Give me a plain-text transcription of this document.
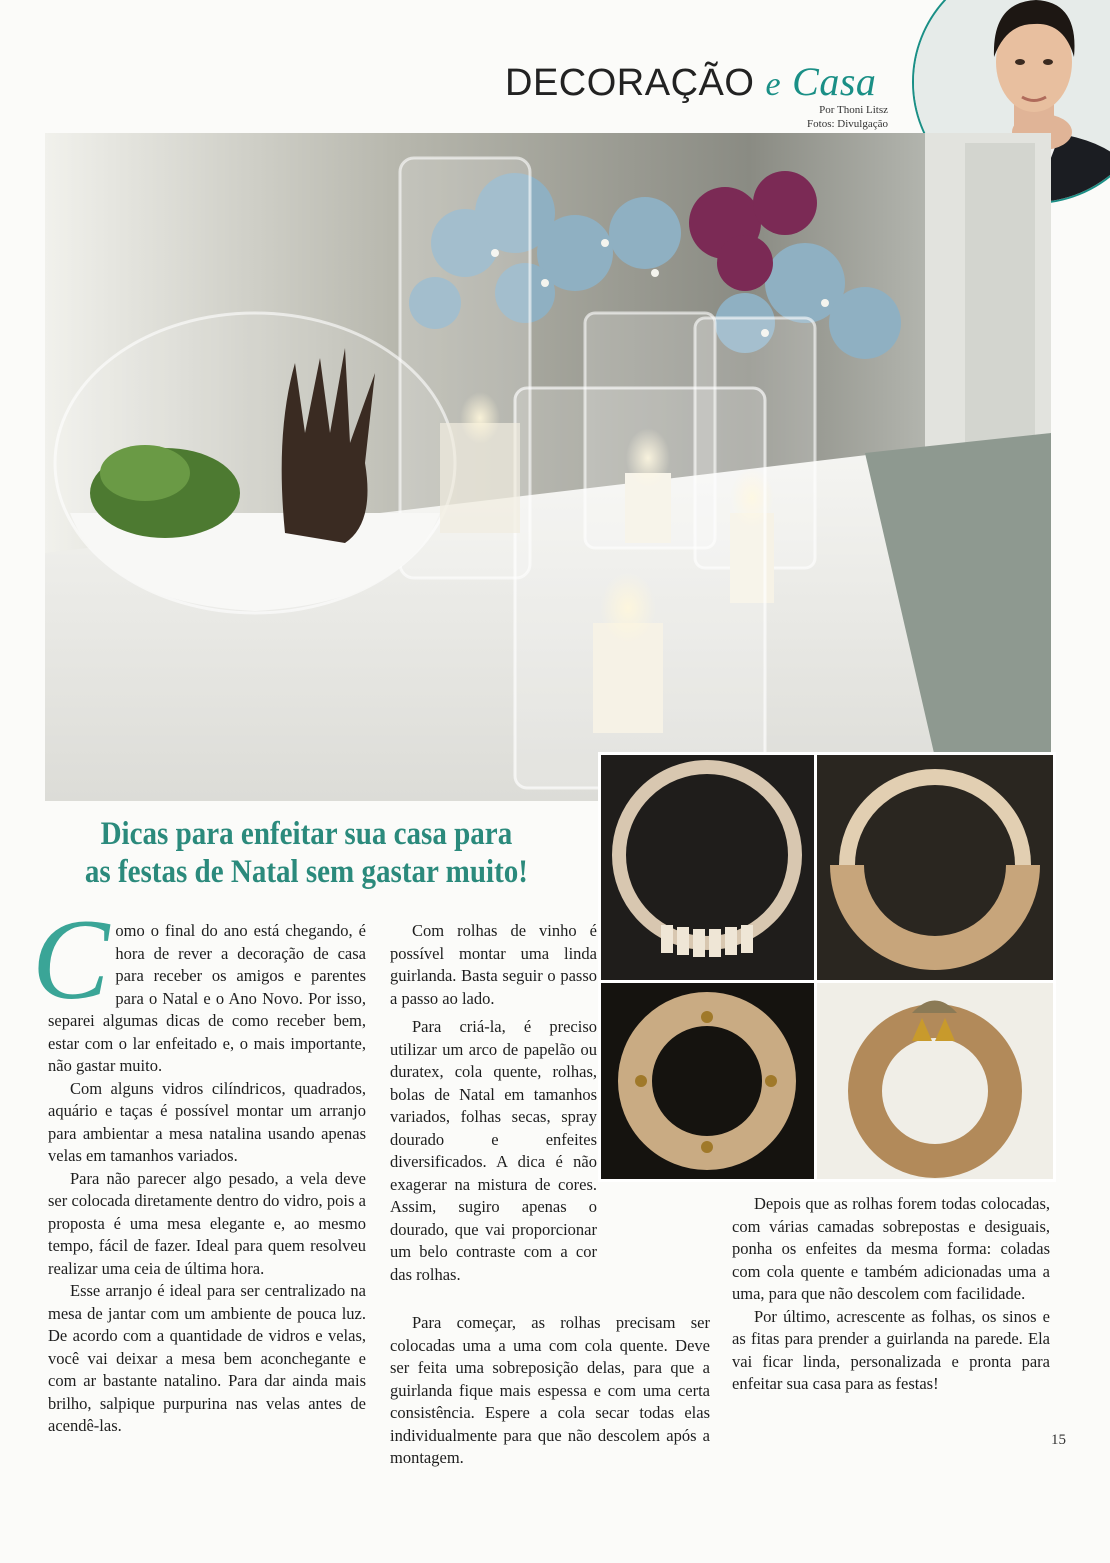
DECORAÇÃO e Casa
Por Thoni Litsz
Fotos: Divulgação
Dicas para enfeitar sua casa para
as festas de Natal sem gastar muito!
C omo o final do ano está chegando, é hora de rever a decoração de casa para receber os amigos e parentes para o Natal e o Ano Novo. Por isso, separei algumas dicas de como receber bem, estar com o lar enfeitado e, o mais importante, não gastar muito.

Com alguns vidros cilíndricos, quadrados, aquário e taças é possível montar um arranjo para ambientar a mesa natalina usando apenas velas em tamanhos variados.

Para não parecer algo pesado, a vela deve ser colocada diretamente dentro do vidro, pois a proposta é uma mesa elegante e, ao mesmo tempo, fácil de fazer. Ideal para quem resolveu realizar uma ceia de última hora.

Esse arranjo é ideal para ser centralizado na mesa de jantar com um ambiente de pouca luz. De acordo com a quantidade de vidros e velas, você vai deixar a mesa bem aconchegante e com ar bastante natalino. Para dar ainda mais brilho, salpique purpurina nas velas antes de acendê-las.

Com rolhas de vinho é possível montar uma linda guirlanda. Basta seguir o passo a passo ao lado.

Para criá-la, é preciso utilizar um arco de papelão ou duratex, cola quente, rolhas, bolas de Natal em tamanhos variados, folhas secas, spray dourado e enfeites diversificados. A dica é não exagerar na mistura de cores. Assim, sugiro apenas o dourado, que vai proporcionar um belo contraste com a cor das rolhas.

Para começar, as rolhas precisam ser colocadas uma a uma com cola quente. Deve ser feita uma sobreposição delas, para que a guirlanda fique mais espessa e com uma certa consistência. Espere a cola secar todas elas individualmente para que não descolem após a montagem.

Depois que as rolhas forem todas colocadas, com várias camadas sobrepostas e desiguais, ponha os enfeites da mesma forma: coladas com cola quente e também adicionadas uma a uma, para que não descolem com facilidade.

Por último, acrescente as folhas, os sinos e as fitas para prender a guirlanda na parede. Ela vai ficar linda, personalizada e pronta para enfeitar sua casa para as festas!

15
